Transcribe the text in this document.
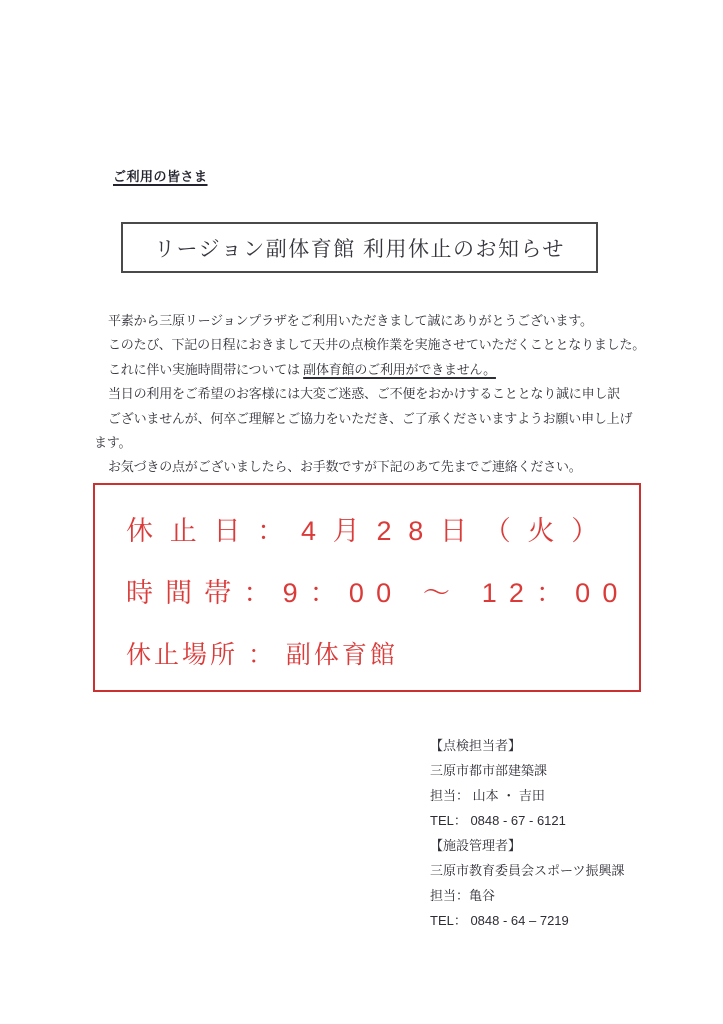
ご利用の皆さま
リージョン副体育館 利用休止のお知らせ
平素から三原リージョンプラザをご利用いただきまして誠にありがとうございます。
このたび、下記の日程におきまして天井の点検作業を実施させていただくこととなりました。
これに伴い実施時間帯については 副体育館のご利用ができません。
当日の利用をご希望のお客様には大変ご迷惑、ご不便をおかけすることとなり誠に申し訳
ございませんが、何卒ご理解とご協力をいただき、ご了承くださいますようお願い申し上げ
ます。
お気づきの点がございましたら、お手数ですが下記のあて先までご連絡ください。
休止日：4月28日（火）
時間帯：9：00 ～ 12：00
休止場所 ： 副体育館
【点検担当者】
三原市都市部建築課
担当： 山本 ・ 吉田
TEL： 0848 - 67 - 6121
【施設管理者】
三原市教育委員会スポーツ振興課
担当：亀谷
TEL： 0848 - 64 – 7219
